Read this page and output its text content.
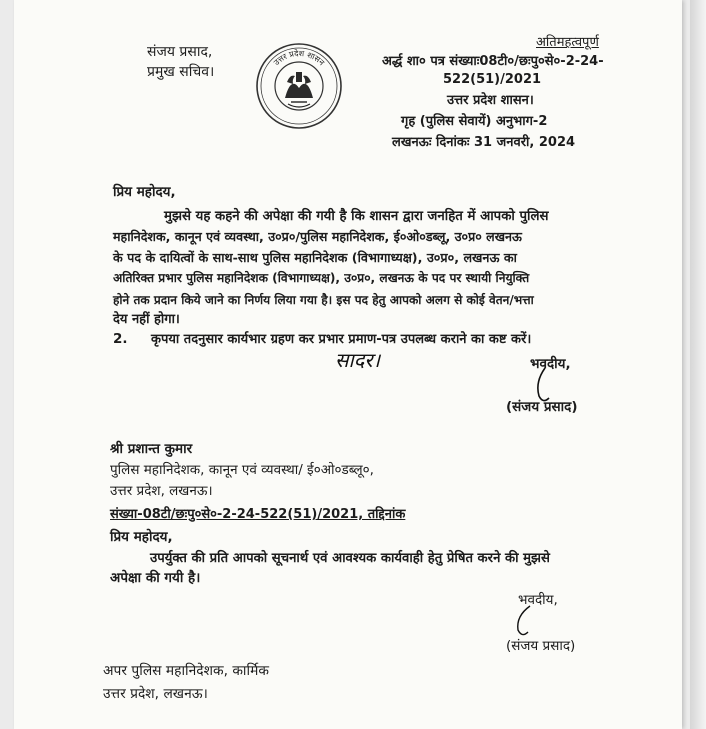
संजय प्रसाद,
प्रमुख सचिव।
उत्तर प्रदेश शासन
अतिमहत्वपूर्ण
अर्द्ध शा० पत्र संख्याः08टी०/छःपु०से०-2-24-
522(51)/2021
उत्तर प्रदेश शासन।
गृह (पुलिस सेवायें) अनुभाग-2
लखनऊः दिनांकः 31 जनवरी, 2024
प्रिय महोदय,
मुझसे यह कहने की अपेक्षा की गयी है कि शासन द्वारा जनहित में आपको पुलिस
महानिदेशक, कानून एवं व्यवस्था, उ०प्र०/पुलिस महानिदेशक, ई०ओ०डब्लू, उ०प्र० लखनऊ
के पद के दायित्वों के साथ-साथ पुलिस महानिदेशक (विभागाध्यक्ष), उ०प्र०, लखनऊ का
अतिरिक्त प्रभार पुलिस महानिदेशक (विभागाध्यक्ष), उ०प्र०, लखनऊ के पद पर स्थायी नियुक्ति
होने तक प्रदान किये जाने का निर्णय लिया गया है। इस पद हेतु आपको अलग से कोई वेतन/भत्ता
देय नहीं होगा।
2. कृपया तदनुसार कार्यभार ग्रहण कर प्रभार प्रमाण-पत्र उपलब्ध कराने का कष्ट करें।
सादर।	भवदीय,
(संजय प्रसाद)
श्री प्रशान्त कुमार
पुलिस महानिदेशक, कानून एवं व्यवस्था/ ई०ओ०डब्लू०,
उत्तर प्रदेश, लखनऊ।
संख्या-08टी/छःपु०से०-2-24-522(51)/2021, तद्दिनांक
प्रिय महोदय,
उपर्युक्त की प्रति आपको सूचनार्थ एवं आवश्यक कार्यवाही हेतु प्रेषित करने की मुझसे
अपेक्षा की गयी है।
भवदीय,
(संजय प्रसाद)
अपर पुलिस महानिदेशक, कार्मिक
उत्तर प्रदेश, लखनऊ।
